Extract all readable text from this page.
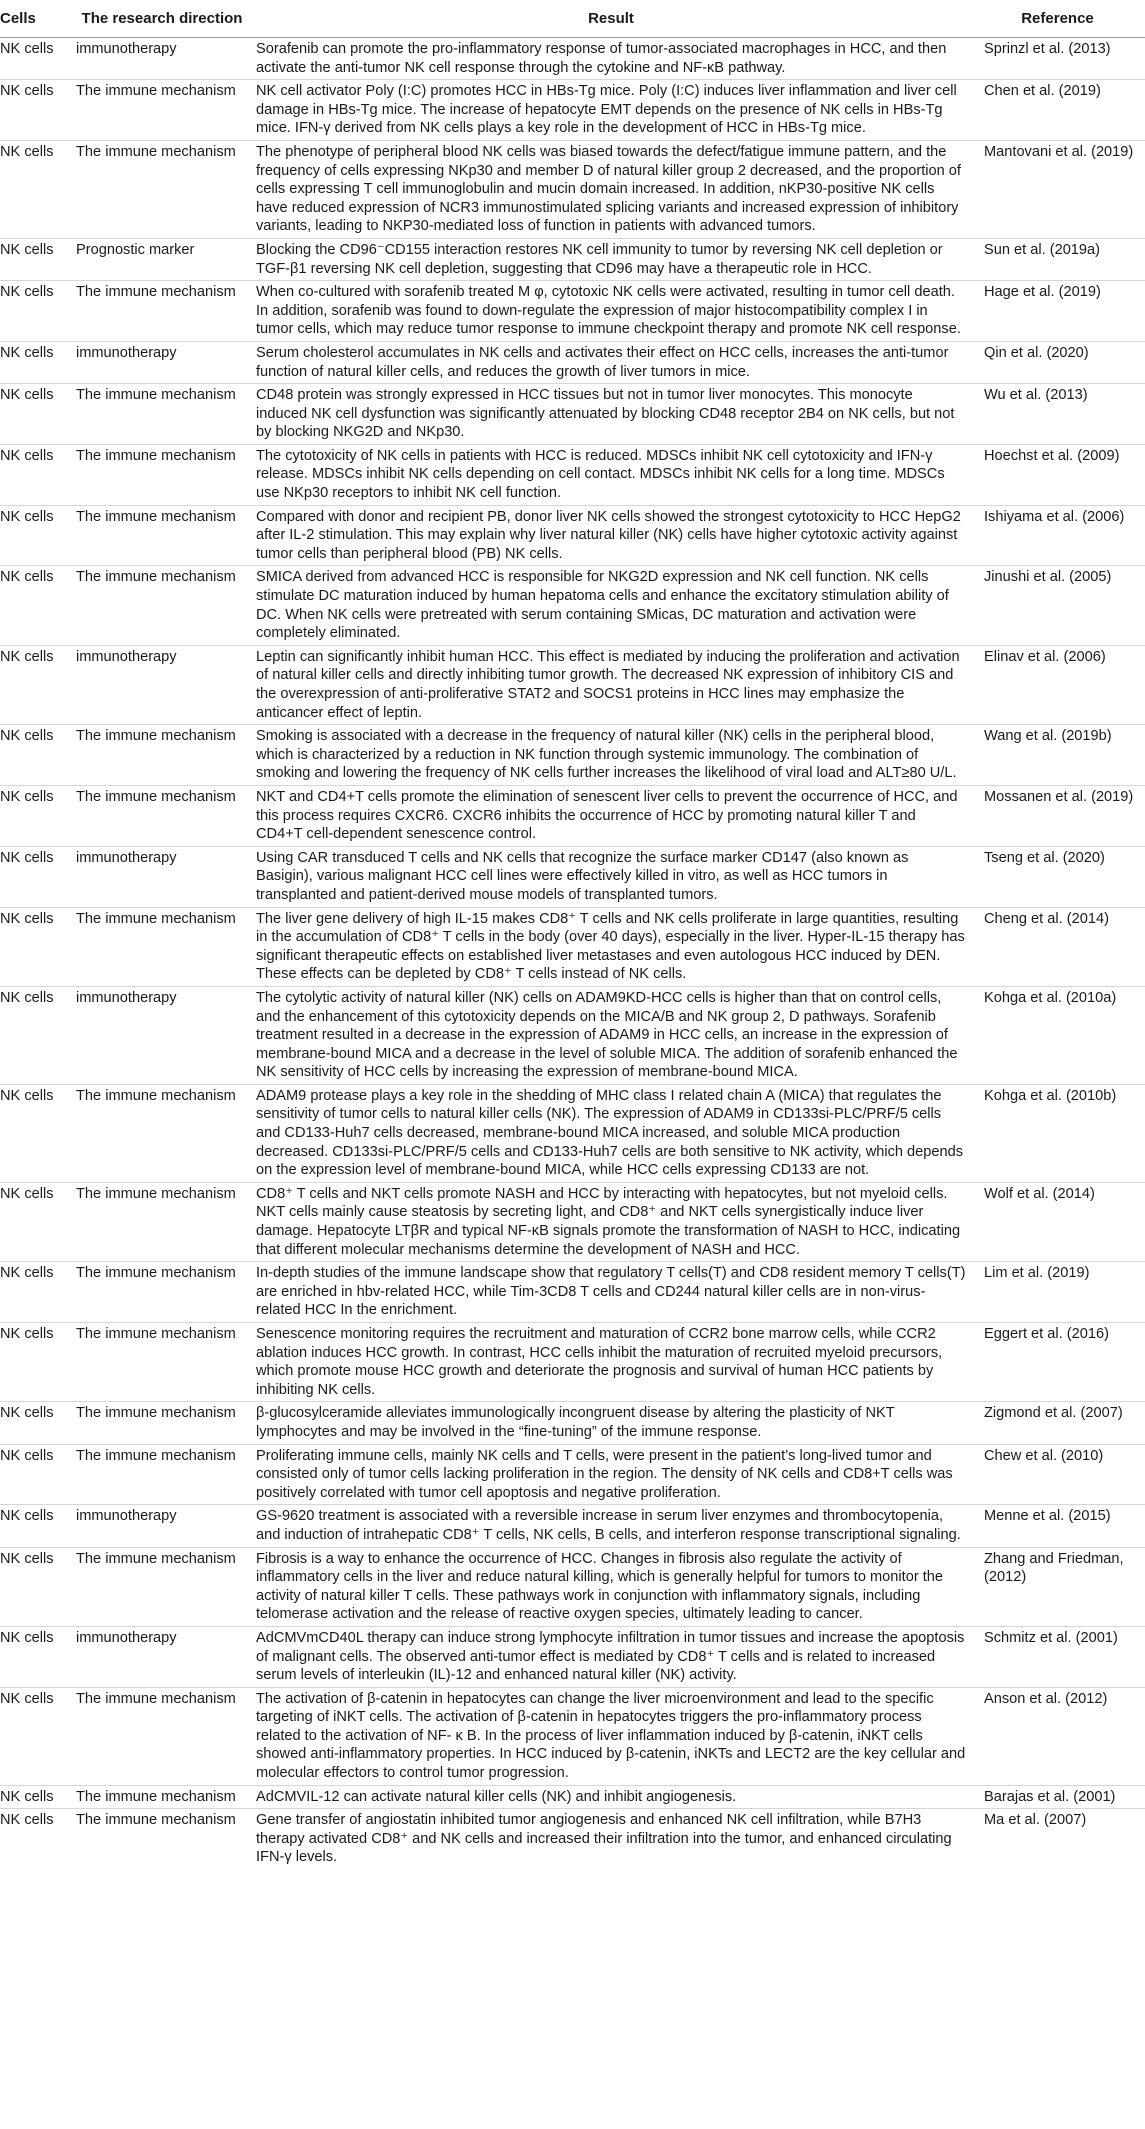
Cells	The research direction	Result	Reference
NK cells	immunotherapy	Sorafenib can promote the pro-inflammatory response of tumor-associated macrophages in HCC, and then activate the anti-tumor NK cell response through the cytokine and NF-κB pathway.	Sprinzl et al. (2013)
NK cells	The immune mechanism	NK cell activator Poly (I:C) promotes HCC in HBs-Tg mice. Poly (I:C) induces liver inflammation and liver cell damage in HBs-Tg mice. The increase of hepatocyte EMT depends on the presence of NK cells in HBs-Tg mice. IFN-γ derived from NK cells plays a key role in the development of HCC in HBs-Tg mice.	Chen et al. (2019)
NK cells	The immune mechanism	The phenotype of peripheral blood NK cells was biased towards the defect/fatigue immune pattern, and the frequency of cells expressing NKp30 and member D of natural killer group 2 decreased, and the proportion of cells expressing T cell immunoglobulin and mucin domain increased. In addition, nKP30-positive NK cells have reduced expression of NCR3 immunostimulated splicing variants and increased expression of inhibitory variants, leading to NKP30-mediated loss of function in patients with advanced tumors.	Mantovani et al. (2019)
NK cells	Prognostic marker	Blocking the CD96⁻CD155 interaction restores NK cell immunity to tumor by reversing NK cell depletion or TGF-β1 reversing NK cell depletion, suggesting that CD96 may have a therapeutic role in HCC.	Sun et al. (2019a)
NK cells	The immune mechanism	When co-cultured with sorafenib treated M φ, cytotoxic NK cells were activated, resulting in tumor cell death. In addition, sorafenib was found to down-regulate the expression of major histocompatibility complex I in tumor cells, which may reduce tumor response to immune checkpoint therapy and promote NK cell response.	Hage et al. (2019)
NK cells	immunotherapy	Serum cholesterol accumulates in NK cells and activates their effect on HCC cells, increases the anti-tumor function of natural killer cells, and reduces the growth of liver tumors in mice.	Qin et al. (2020)
NK cells	The immune mechanism	CD48 protein was strongly expressed in HCC tissues but not in tumor liver monocytes. This monocyte induced NK cell dysfunction was significantly attenuated by blocking CD48 receptor 2B4 on NK cells, but not by blocking NKG2D and NKp30.	Wu et al. (2013)
NK cells	The immune mechanism	The cytotoxicity of NK cells in patients with HCC is reduced. MDSCs inhibit NK cell cytotoxicity and IFN-γ release. MDSCs inhibit NK cells depending on cell contact. MDSCs inhibit NK cells for a long time. MDSCs use NKp30 receptors to inhibit NK cell function.	Hoechst et al. (2009)
NK cells	The immune mechanism	Compared with donor and recipient PB, donor liver NK cells showed the strongest cytotoxicity to HCC HepG2 after IL-2 stimulation. This may explain why liver natural killer (NK) cells have higher cytotoxic activity against tumor cells than peripheral blood (PB) NK cells.	Ishiyama et al. (2006)
NK cells	The immune mechanism	SMICA derived from advanced HCC is responsible for NKG2D expression and NK cell function. NK cells stimulate DC maturation induced by human hepatoma cells and enhance the excitatory stimulation ability of DC. When NK cells were pretreated with serum containing SMicas, DC maturation and activation were completely eliminated.	Jinushi et al. (2005)
NK cells	immunotherapy	Leptin can significantly inhibit human HCC. This effect is mediated by inducing the proliferation and activation of natural killer cells and directly inhibiting tumor growth. The decreased NK expression of inhibitory CIS and the overexpression of anti-proliferative STAT2 and SOCS1 proteins in HCC lines may emphasize the anticancer effect of leptin.	Elinav et al. (2006)
NK cells	The immune mechanism	Smoking is associated with a decrease in the frequency of natural killer (NK) cells in the peripheral blood, which is characterized by a reduction in NK function through systemic immunology. The combination of smoking and lowering the frequency of NK cells further increases the likelihood of viral load and ALT≥80 U/L.	Wang et al. (2019b)
NK cells	The immune mechanism	NKT and CD4+T cells promote the elimination of senescent liver cells to prevent the occurrence of HCC, and this process requires CXCR6. CXCR6 inhibits the occurrence of HCC by promoting natural killer T and CD4+T cell-dependent senescence control.	Mossanen et al. (2019)
NK cells	immunotherapy	Using CAR transduced T cells and NK cells that recognize the surface marker CD147 (also known as Basigin), various malignant HCC cell lines were effectively killed in vitro, as well as HCC tumors in transplanted and patient-derived mouse models of transplanted tumors.	Tseng et al. (2020)
NK cells	The immune mechanism	The liver gene delivery of high IL-15 makes CD8⁺ T cells and NK cells proliferate in large quantities, resulting in the accumulation of CD8⁺ T cells in the body (over 40 days), especially in the liver. Hyper-IL-15 therapy has significant therapeutic effects on established liver metastases and even autologous HCC induced by DEN. These effects can be depleted by CD8⁺ T cells instead of NK cells.	Cheng et al. (2014)
NK cells	immunotherapy	The cytolytic activity of natural killer (NK) cells on ADAM9KD-HCC cells is higher than that on control cells, and the enhancement of this cytotoxicity depends on the MICA/B and NK group 2, D pathways. Sorafenib treatment resulted in a decrease in the expression of ADAM9 in HCC cells, an increase in the expression of membrane-bound MICA and a decrease in the level of soluble MICA. The addition of sorafenib enhanced the NK sensitivity of HCC cells by increasing the expression of membrane-bound MICA.	Kohga et al. (2010a)
NK cells	The immune mechanism	ADAM9 protease plays a key role in the shedding of MHC class I related chain A (MICA) that regulates the sensitivity of tumor cells to natural killer cells (NK). The expression of ADAM9 in CD133si-PLC/PRF/5 cells and CD133-Huh7 cells decreased, membrane-bound MICA increased, and soluble MICA production decreased. CD133si-PLC/PRF/5 cells and CD133-Huh7 cells are both sensitive to NK activity, which depends on the expression level of membrane-bound MICA, while HCC cells expressing CD133 are not.	Kohga et al. (2010b)
NK cells	The immune mechanism	CD8⁺ T cells and NKT cells promote NASH and HCC by interacting with hepatocytes, but not myeloid cells. NKT cells mainly cause steatosis by secreting light, and CD8⁺ and NKT cells synergistically induce liver damage. Hepatocyte LTβR and typical NF-κB signals promote the transformation of NASH to HCC, indicating that different molecular mechanisms determine the development of NASH and HCC.	Wolf et al. (2014)
NK cells	The immune mechanism	In-depth studies of the immune landscape show that regulatory T cells(T) and CD8 resident memory T cells(T) are enriched in hbv-related HCC, while Tim-3CD8 T cells and CD244 natural killer cells are in non-virus-related HCC In the enrichment.	Lim et al. (2019)
NK cells	The immune mechanism	Senescence monitoring requires the recruitment and maturation of CCR2 bone marrow cells, while CCR2 ablation induces HCC growth. In contrast, HCC cells inhibit the maturation of recruited myeloid precursors, which promote mouse HCC growth and deteriorate the prognosis and survival of human HCC patients by inhibiting NK cells.	Eggert et al. (2016)
NK cells	The immune mechanism	β-glucosylceramide alleviates immunologically incongruent disease by altering the plasticity of NKT lymphocytes and may be involved in the “fine-tuning” of the immune response.	Zigmond et al. (2007)
NK cells	The immune mechanism	Proliferating immune cells, mainly NK cells and T cells, were present in the patient’s long-lived tumor and consisted only of tumor cells lacking proliferation in the region. The density of NK cells and CD8+T cells was positively correlated with tumor cell apoptosis and negative proliferation.	Chew et al. (2010)
NK cells	immunotherapy	GS-9620 treatment is associated with a reversible increase in serum liver enzymes and thrombocytopenia, and induction of intrahepatic CD8⁺ T cells, NK cells, B cells, and interferon response transcriptional signaling.	Menne et al. (2015)
NK cells	The immune mechanism	Fibrosis is a way to enhance the occurrence of HCC. Changes in fibrosis also regulate the activity of inflammatory cells in the liver and reduce natural killing, which is generally helpful for tumors to monitor the activity of natural killer T cells. These pathways work in conjunction with inflammatory signals, including telomerase activation and the release of reactive oxygen species, ultimately leading to cancer.	Zhang and Friedman, (2012)
NK cells	immunotherapy	AdCMVmCD40L therapy can induce strong lymphocyte infiltration in tumor tissues and increase the apoptosis of malignant cells. The observed anti-tumor effect is mediated by CD8⁺ T cells and is related to increased serum levels of interleukin (IL)-12 and enhanced natural killer (NK) activity.	Schmitz et al. (2001)
NK cells	The immune mechanism	The activation of β-catenin in hepatocytes can change the liver microenvironment and lead to the specific targeting of iNKT cells. The activation of β-catenin in hepatocytes triggers the pro-inflammatory process related to the activation of NF- κ B. In the process of liver inflammation induced by β-catenin, iNKT cells showed anti-inflammatory properties. In HCC induced by β-catenin, iNKTs and LECT2 are the key cellular and molecular effectors to control tumor progression.	Anson et al. (2012)
NK cells	The immune mechanism	AdCMVIL-12 can activate natural killer cells (NK) and inhibit angiogenesis.	Barajas et al. (2001)
NK cells	The immune mechanism	Gene transfer of angiostatin inhibited tumor angiogenesis and enhanced NK cell infiltration, while B7H3 therapy activated CD8⁺ and NK cells and increased their infiltration into the tumor, and enhanced circulating IFN-γ levels.	Ma et al. (2007)
